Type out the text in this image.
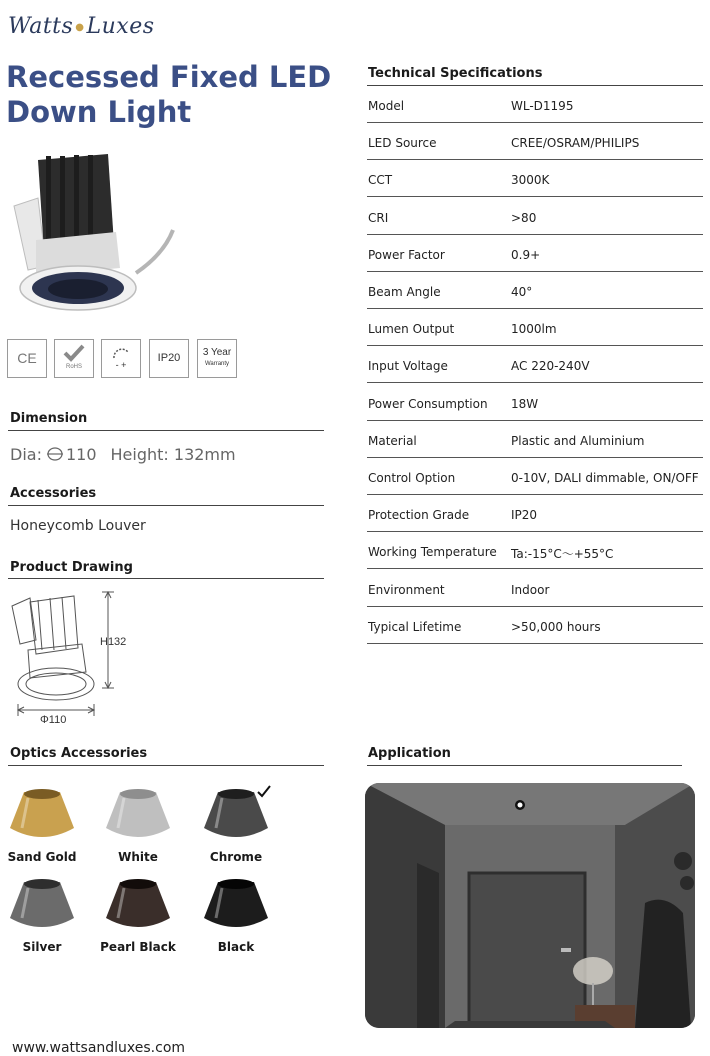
Watts ●Luxes
Recessed Fixed LED
Down Light
CE
RoHS	- +
IP20 3 Year
Warranty
Dimension
Dia: 110 Height: 132mm
Accessories
Honeycomb Louver
Product Drawing
H132
Φ110
Technical Specifications
Model	WL-D1195
LED Source	CREE/OSRAM/PHILIPS
CCT	3000K
CRI	>80
Power Factor	0.9+
Beam Angle	40°
Lumen Output	1000lm
Input Voltage	AC 220-240V
Power Consumption 18W
Material	Plastic and Aluminium
Control Option	0-10V, DALI dimmable, ON/OFF
Protection Grade	IP20
Working Temperature Ta:-15°C～+55°C
Environment	Indoor
Typical Lifetime	>50,000 hours
Optics Accessories
Sand Gold	White	Chrome
Silver	Pearl Black	Black
Application
www.wattsandluxes.com
